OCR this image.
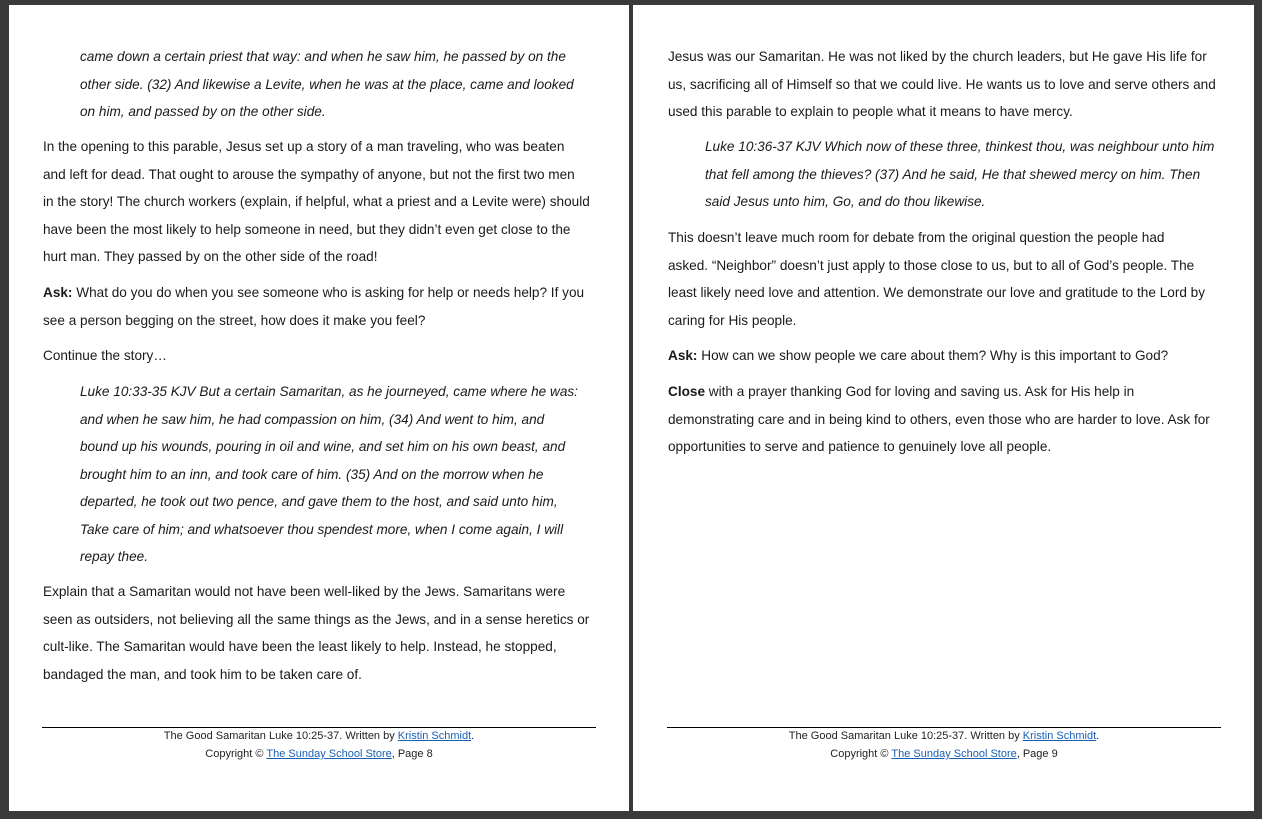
came down a certain priest that way: and when he saw him, he passed by on the
other side. (32) And likewise a Levite, when he was at the place, came and looked
on him, and passed by on the other side.
In the opening to this parable, Jesus set up a story of a man traveling, who was beaten
and left for dead. That ought to arouse the sympathy of anyone, but not the first two men
in the story! The church workers (explain, if helpful, what a priest and a Levite were) should
have been the most likely to help someone in need, but they didn’t even get close to the
hurt man. They passed by on the other side of the road!
Ask: What do you do when you see someone who is asking for help or needs help? If you
see a person begging on the street, how does it make you feel?
Continue the story…
Luke 10:33-35 KJV But a certain Samaritan, as he journeyed, came where he was:
and when he saw him, he had compassion on him, (34) And went to him, and
bound up his wounds, pouring in oil and wine, and set him on his own beast, and
brought him to an inn, and took care of him. (35) And on the morrow when he
departed, he took out two pence, and gave them to the host, and said unto him,
Take care of him; and whatsoever thou spendest more, when I come again, I will
repay thee.
Explain that a Samaritan would not have been well-liked by the Jews. Samaritans were
seen as outsiders, not believing all the same things as the Jews, and in a sense heretics or
cult-like. The Samaritan would have been the least likely to help. Instead, he stopped,
bandaged the man, and took him to be taken care of.
The Good Samaritan Luke 10:25-37. Written by Kristin Schmidt.
Copyright © The Sunday School Store, Page 8
Jesus was our Samaritan. He was not liked by the church leaders, but He gave His life for
us, sacrificing all of Himself so that we could live. He wants us to love and serve others and
used this parable to explain to people what it means to have mercy.
Luke 10:36-37 KJV Which now of these three, thinkest thou, was neighbour unto him
that fell among the thieves? (37) And he said, He that shewed mercy on him. Then
said Jesus unto him, Go, and do thou likewise.
This doesn’t leave much room for debate from the original question the people had
asked. “Neighbor” doesn’t just apply to those close to us, but to all of God’s people. The
least likely need love and attention. We demonstrate our love and gratitude to the Lord by
caring for His people.
Ask: How can we show people we care about them? Why is this important to God?
Close with a prayer thanking God for loving and saving us. Ask for His help in
demonstrating care and in being kind to others, even those who are harder to love. Ask for
opportunities to serve and patience to genuinely love all people.
The Good Samaritan Luke 10:25-37. Written by Kristin Schmidt.
Copyright © The Sunday School Store, Page 9
